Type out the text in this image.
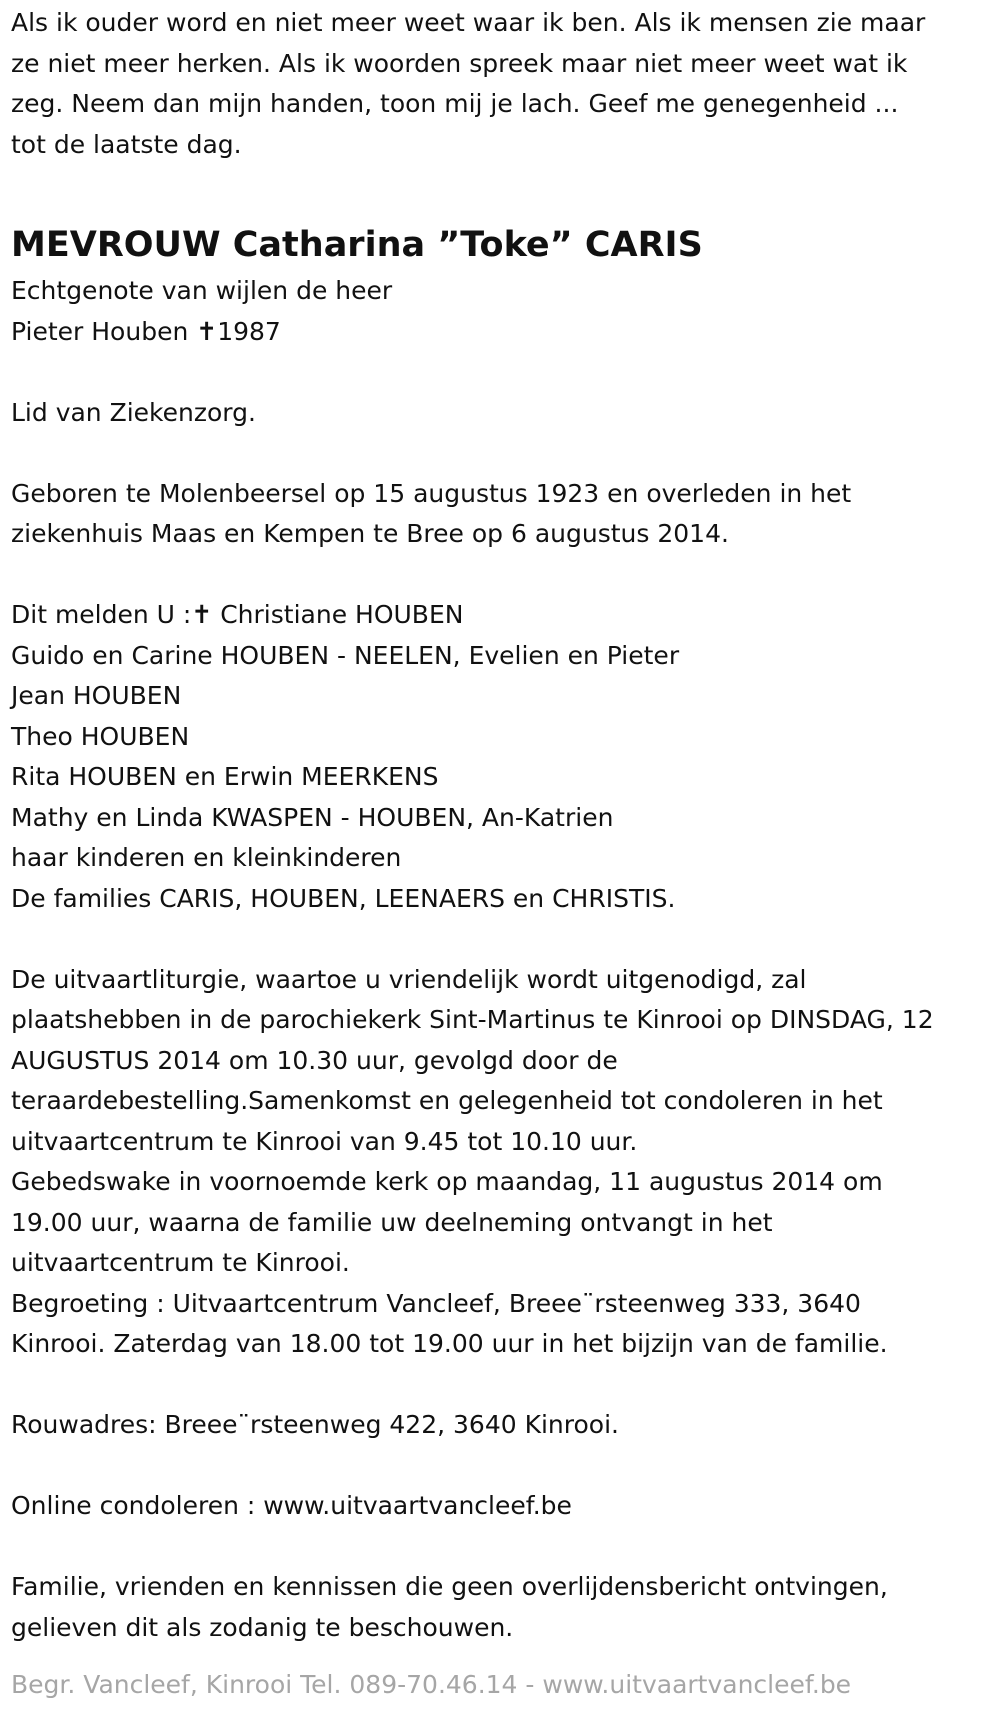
Als ik ouder word en niet meer weet waar ik ben. Als ik mensen zie maar
ze niet meer herken. Als ik woorden spreek maar niet meer weet wat ik
zeg. Neem dan mijn handen, toon mij je lach. Geef me genegenheid ...
tot de laatste dag.

MEVROUW Catharina ”Toke” CARIS

Echtgenote van wijlen de heer
Pieter Houben ✝1987

Lid van Ziekenzorg.

Geboren te Molenbeersel op 15 augustus 1923 en overleden in het
ziekenhuis Maas en Kempen te Bree op 6 augustus 2014.

Dit melden U :✝ Christiane HOUBEN
Guido en Carine HOUBEN - NEELEN, Evelien en Pieter
Jean HOUBEN
Theo HOUBEN
Rita HOUBEN en Erwin MEERKENS
Mathy en Linda KWASPEN - HOUBEN, An-Katrien
haar kinderen en kleinkinderen
De families CARIS, HOUBEN, LEENAERS en CHRISTIS.

De uitvaartliturgie, waartoe u vriendelijk wordt uitgenodigd, zal
plaatshebben in de parochiekerk Sint-Martinus te Kinrooi op DINSDAG, 12
AUGUSTUS 2014 om 10.30 uur, gevolgd door de
teraardebestelling.Samenkomst en gelegenheid tot condoleren in het
uitvaartcentrum te Kinrooi van 9.45 tot 10.10 uur.
Gebedswake in voornoemde kerk op maandag, 11 augustus 2014 om
19.00 uur, waarna de familie uw deelneming ontvangt in het
uitvaartcentrum te Kinrooi.
Begroeting : Uitvaartcentrum Vancleef, Breee¨rsteenweg 333, 3640
Kinrooi. Zaterdag van 18.00 tot 19.00 uur in het bijzijn van de familie.

Rouwadres: Breee¨rsteenweg 422, 3640 Kinrooi.

Online condoleren : www.uitvaartvancleef.be

Familie, vrienden en kennissen die geen overlijdensbericht ontvingen,
gelieven dit als zodanig te beschouwen.

Begr. Vancleef, Kinrooi Tel. 089-70.46.14 - www.uitvaartvancleef.be
